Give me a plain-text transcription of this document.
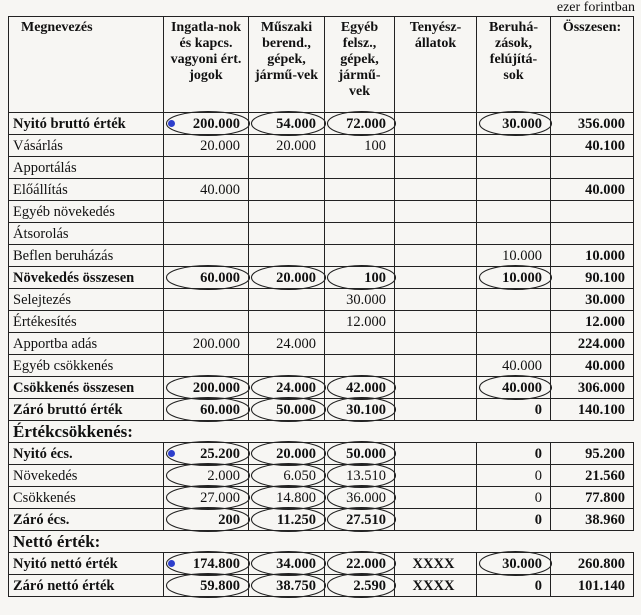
ezer forintban
Megnevezés	Ingatla-nok és kapcs. vagyoni ért. jogok	Műszaki berend., gépek, jármű-vek	Egyéb felsz., gépek, jármű-vek	Tenyész-állatok	Beruhá-zások, felújítá-sok	Összesen:
Nyitó bruttó érték	200.000	54.000	72.000		30.000	356.000
Vásárlás	20.000	20.000	100			40.100
Apportálás						
Előállítás	40.000					40.000
Egyéb növekedés						
Átsorolás						
Beflen beruházás					10.000	10.000
Növekedés összesen	60.000	20.000	100		10.000	90.100
Selejtezés			30.000			30.000
Értékesítés			12.000			12.000
Apportba adás	200.000	24.000				224.000
Egyéb csökkenés					40.000	40.000
Csökkenés összesen	200.000	24.000	42.000		40.000	306.000
Záró bruttó érték	60.000	50.000	30.100		0	140.100
Értékcsökkenés:						
Nyitó écs.	25.200	20.000	50.000		0	95.200
Növekedés	2.000	6.050	13.510		0	21.560
Csökkenés	27.000	14.800	36.000		0	77.800
Záró écs.	200	11.250	27.510		0	38.960
Nettó érték:						
Nyitó nettó érték	174.800	34.000	22.000	XXXX	30.000	260.800
Záró nettó érték	59.800	38.750	2.590	XXXX	0	101.140
